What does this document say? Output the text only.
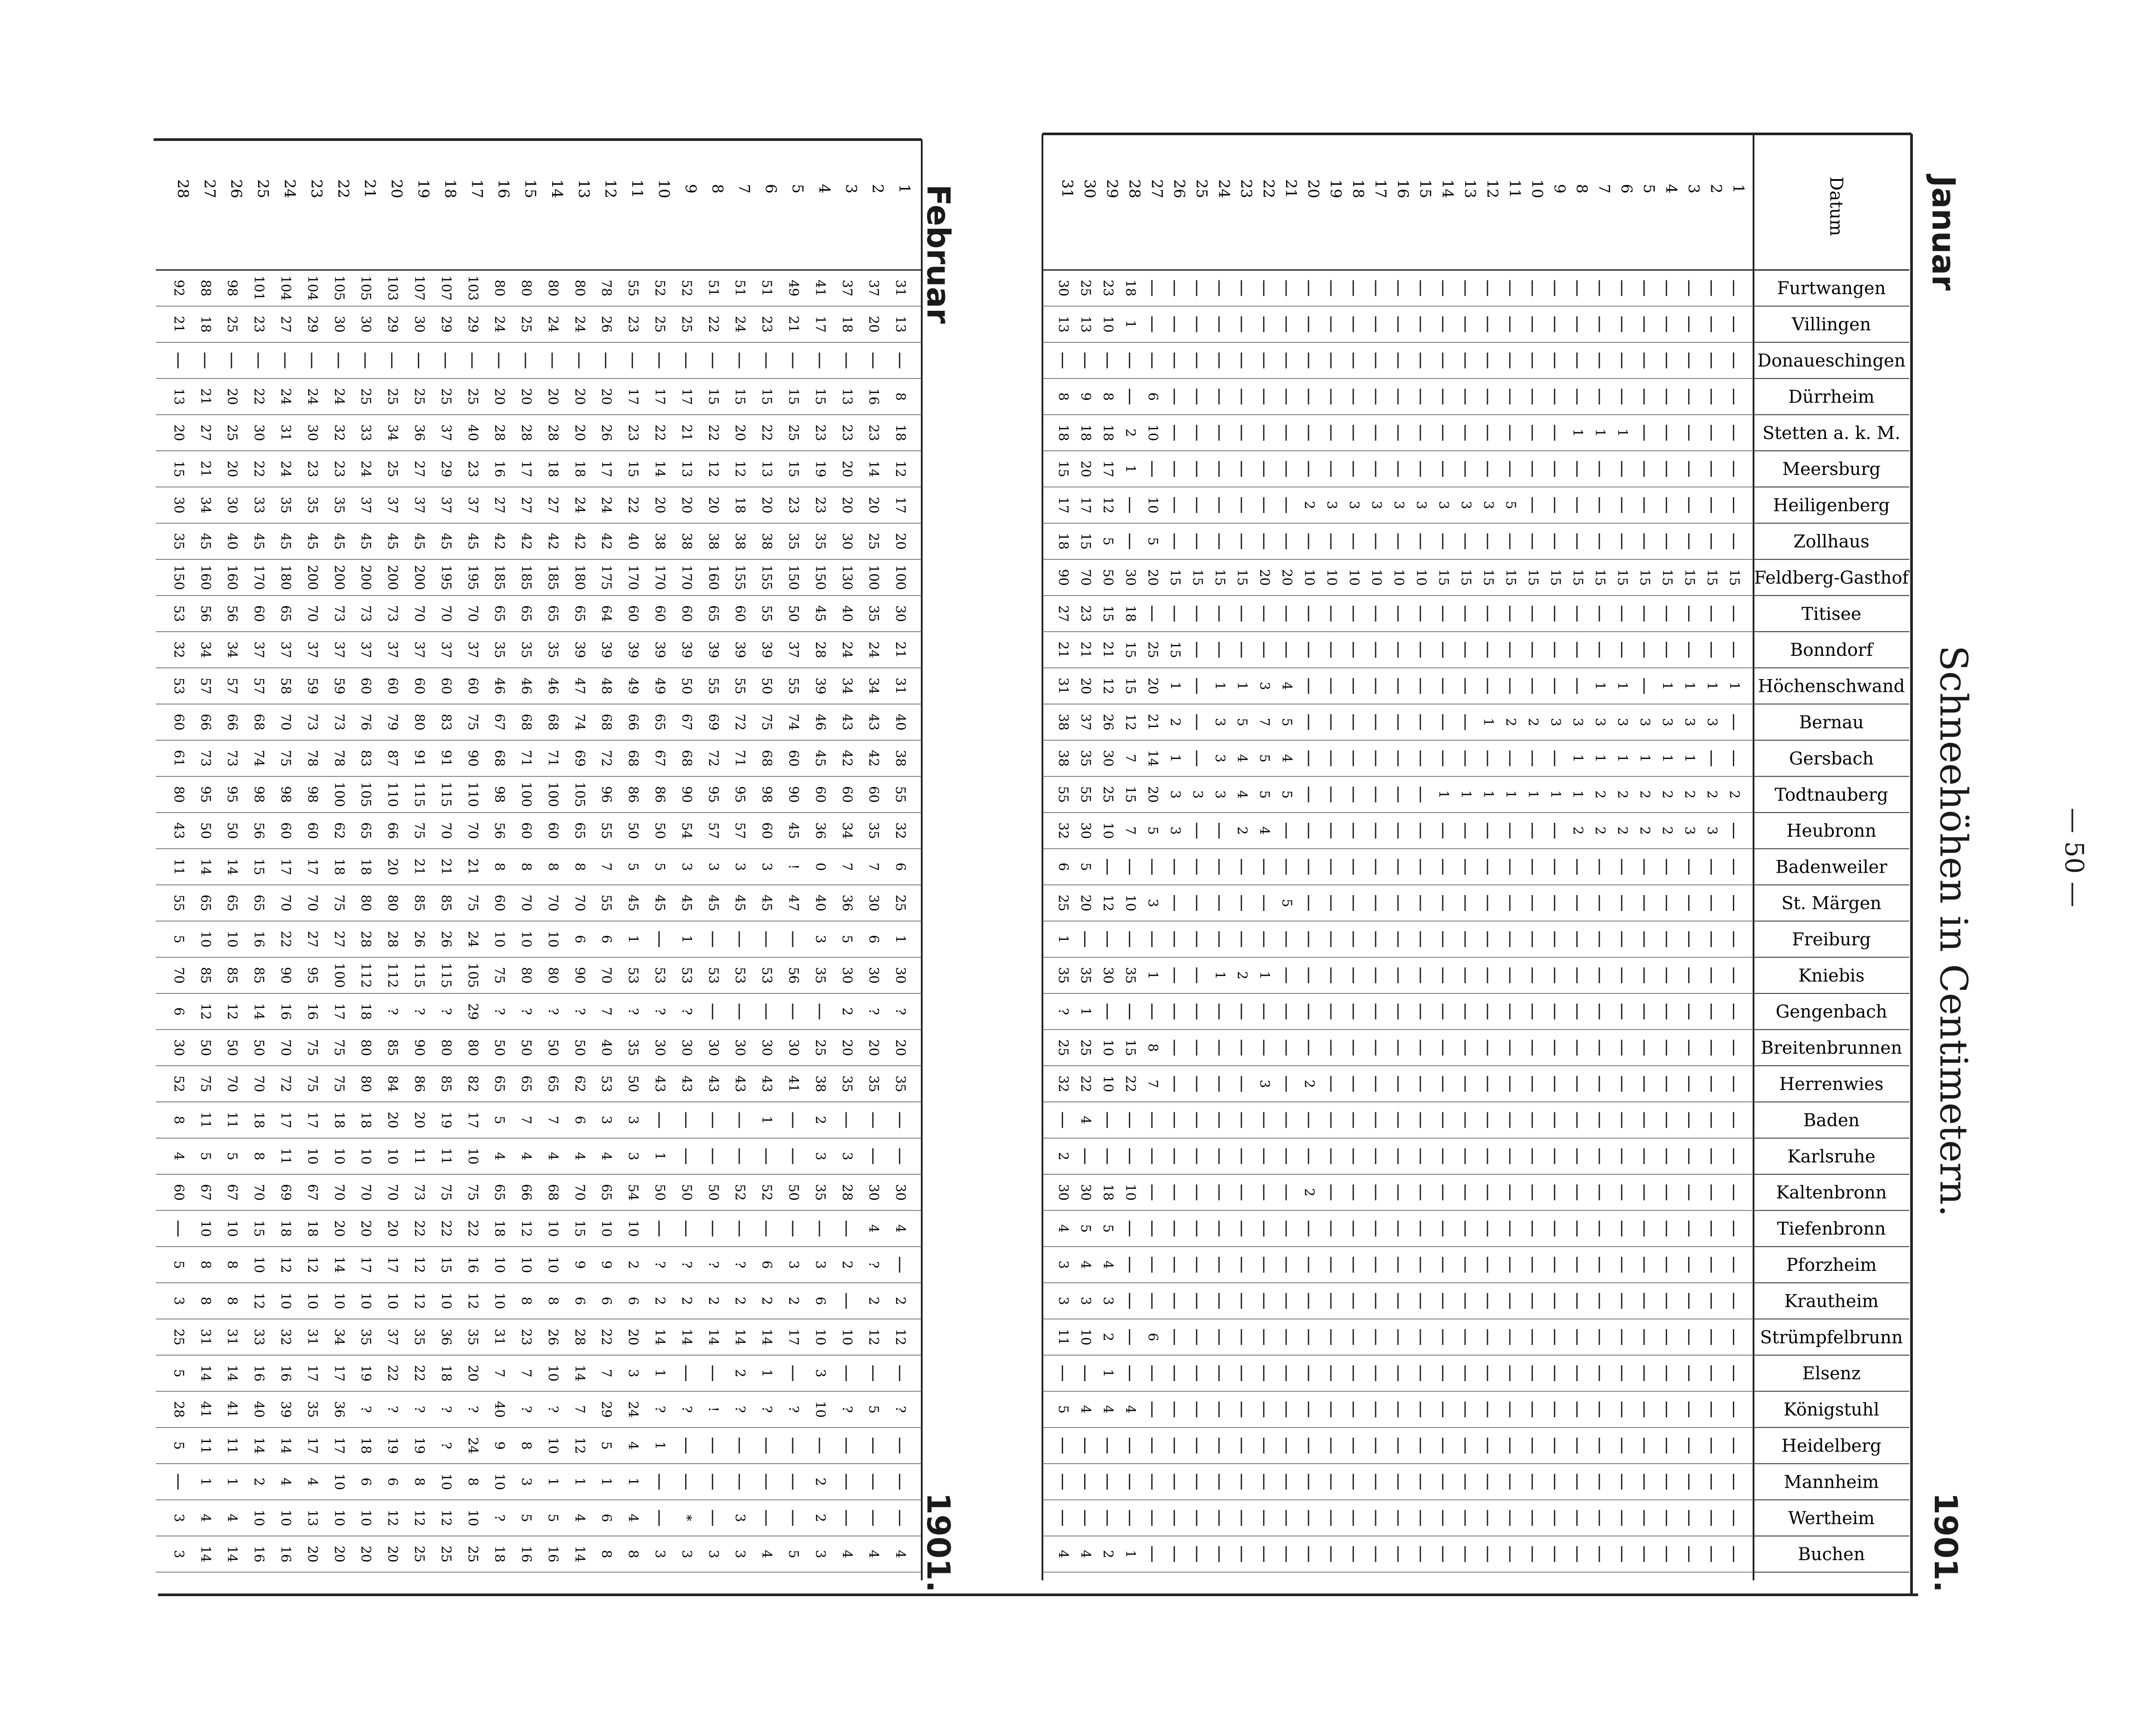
Datum
Furtwangen
Villingen
Donaueschingen
Dürrheim
Stetten a. k. M.
Meersburg
Heiligenberg
Zollhaus
Feldberg-Gasthof
Titisee
Bonndorf
Höchenschwand
Bernau
Gersbach
Todtnauberg
Heubronn
Badenweiler
St. Märgen
Freiburg
Kniebis
Gengenbach
Breitenbrunnen
Herrenwies
Baden
Karlsruhe
Kaltenbronn
Tiefenbronn
Pforzheim
Krautheim
Strümpfelbrunn
Elsenz
Königstuhl
Heidelberg
Mannheim
Wertheim
Buchen
1
2
3
4
5
6
7
8
9
10
11
12
13
14
15
16
17
18
19
20
21
22
23
24
25
26
27
28
29
30
31
18
23
25
30
1
10
13
13
6
8
9
8
1
1
1
10
2
18
18
18
1
17
20
15
5
3
3
3
3
3
3
3
3
2
10
12
17
17
5
5
15
18
15
15
15
15
15
15
15
15
15
15
15
15
15
15
10
10
10
10
10
10
20
20
15
15
15
15
20
30
50
70
90
18
15
23
27
15
25
15
21
21
21
1
1
1
1
1
1
4
3
1
1
1
20
15
12
20
31
3
3
3
3
3
3
3
3
2
2
1
5
7
5
3
2
21
12
26
37
38
1
1
1
1
1
1
4
5
4
3
1
14
7
30
35
38
2
2
2
2
2
2
2
1
1
1
1
1
1
1
5
5
4
3
3
3
20
15
25
55
55
3
3
2
2
2
2
2
4
2
3
5
7
10
30
32
5
6
5
3
10
12
20
25
1
1
2
1
1
35
30
35
35
1
?
8
15
10
25
25
2
3
7
22
10
22
32
4
2
2
10
18
30
30
5
5
4
4
4
3
3
3
3
6
2
10
11
1
4
4
4
5
1
2
4
4
1
2
3
4
5
6
7
8
9
10
11
12
13
14
15
16
17
18
19
20
21
22
23
24
25
26
27
28
31
37
37
41
49
51
51
51
52
52
55
78
80
80
80
80
103
107
107
103
105
105
104
104
101
98
88
92
13
20
18
17
21
23
24
22
25
25
23
26
24
24
25
24
29
29
30
29
30
30
29
27
23
25
18
21
8
16
13
15
15
15
15
15
17
17
17
20
20
20
20
20
25
25
25
25
25
24
24
24
22
20
21
13
18
23
23
23
25
22
20
22
21
22
23
26
20
28
28
28
40
37
36
34
33
32
30
31
30
25
27
20
12
14
20
19
15
13
12
12
13
14
15
17
18
18
17
16
23
29
27
25
24
23
23
24
22
20
21
15
17
20
20
23
23
20
18
20
20
20
22
24
24
27
27
27
37
37
37
37
37
35
35
35
33
30
34
30
20
25
30
35
35
38
38
38
38
38
40
42
42
42
42
42
45
45
45
45
45
45
45
45
45
40
45
35
100
100
130
150
150
155
155
160
170
170
170
175
180
185
185
185
195
195
200
200
200
200
200
180
170
160
160
150
30
35
40
45
50
55
60
65
60
60
60
64
65
65
65
65
70
70
70
73
73
73
70
65
60
56
56
53
21
24
24
28
37
39
39
39
39
39
39
39
39
35
35
35
37
37
37
37
37
37
37
37
37
34
34
32
31
34
34
39
55
50
55
55
50
49
49
48
47
46
46
46
60
60
60
60
60
59
59
58
57
57
57
53
40
43
43
46
74
75
72
69
67
65
66
68
74
68
68
67
75
83
80
79
76
73
73
70
68
66
66
60
38
42
42
45
60
68
71
72
68
67
68
72
69
71
71
68
90
91
91
87
83
78
78
75
74
73
73
61
55
60
60
60
90
98
95
95
90
86
86
96
105
100
100
98
110
115
115
110
105
100
98
98
98
95
95
80
32
35
34
36
45
60
57
57
54
50
50
55
65
60
60
56
70
70
75
66
65
62
60
60
56
50
50
43
6
7
7
0
!
3
3
3
3
5
5
7
8
8
8
8
21
21
21
20
18
18
17
17
15
14
14
11
25
30
36
40
47
45
45
45
45
45
45
55
70
70
70
60
75
85
85
80
80
75
70
70
65
65
65
55
1
6
5
3
1
1
6
6
10
10
10
24
26
26
28
28
27
27
22
16
10
10
5
30
30
30
35
56
53
53
53
53
53
53
70
90
80
80
75
105
115
115
112
112
100
95
90
85
85
85
70
?
?
2
?
?
?
7
?
?
?
?
29
?
?
?
18
17
16
16
14
12
12
6
20
20
20
25
30
30
30
30
30
30
35
40
50
50
50
50
80
80
90
85
80
75
75
70
50
50
50
30
35
35
35
38
41
43
43
43
43
43
50
53
62
65
65
65
82
85
86
84
80
75
75
72
70
70
75
52
2
1
3
3
6
7
7
5
17
19
20
20
18
18
17
17
18
11
11
8
3
3
1
3
4
4
4
4
4
10
11
11
10
10
10
10
11
8
5
5
4
30
30
28
35
50
52
52
50
50
50
54
65
70
68
66
65
75
75
73
70
70
70
67
69
70
67
67
60
4
4
10
10
15
10
12
18
22
22
22
20
20
20
18
18
15
10
10
?
2
3
3
6
?
?
?
?
2
9
9
10
10
10
16
15
12
17
17
14
12
12
10
8
8
5
2
2
6
2
2
2
2
2
2
6
6
6
8
8
10
12
10
12
10
10
10
10
10
12
8
8
3
12
12
10
10
17
14
14
14
14
14
20
22
28
26
23
31
35
36
35
37
35
34
31
32
33
31
31
25
3
1
2
1
3
7
14
10
7
7
20
18
22
22
19
17
17
16
16
14
14
5
?
5
?
10
?
?
?
!
?
?
24
29
7
?
?
40
?
?
?
?
?
36
35
39
40
41
41
28
1
4
5
12
10
8
9
24
?
19
19
18
17
17
14
14
11
11
5
2
1
1
1
1
3
10
8
10
8
6
6
10
4
4
2
1
1
2
3
*
4
6
4
5
5
?
10
12
12
12
10
10
13
10
10
4
4
3
4
4
4
3
5
4
3
3
3
3
8
8
14
16
16
18
25
25
25
20
20
20
20
16
16
14
14
3
Januar
Schneehöhen in Centimetern.
1901.
— 50 —
Februar
1901.
